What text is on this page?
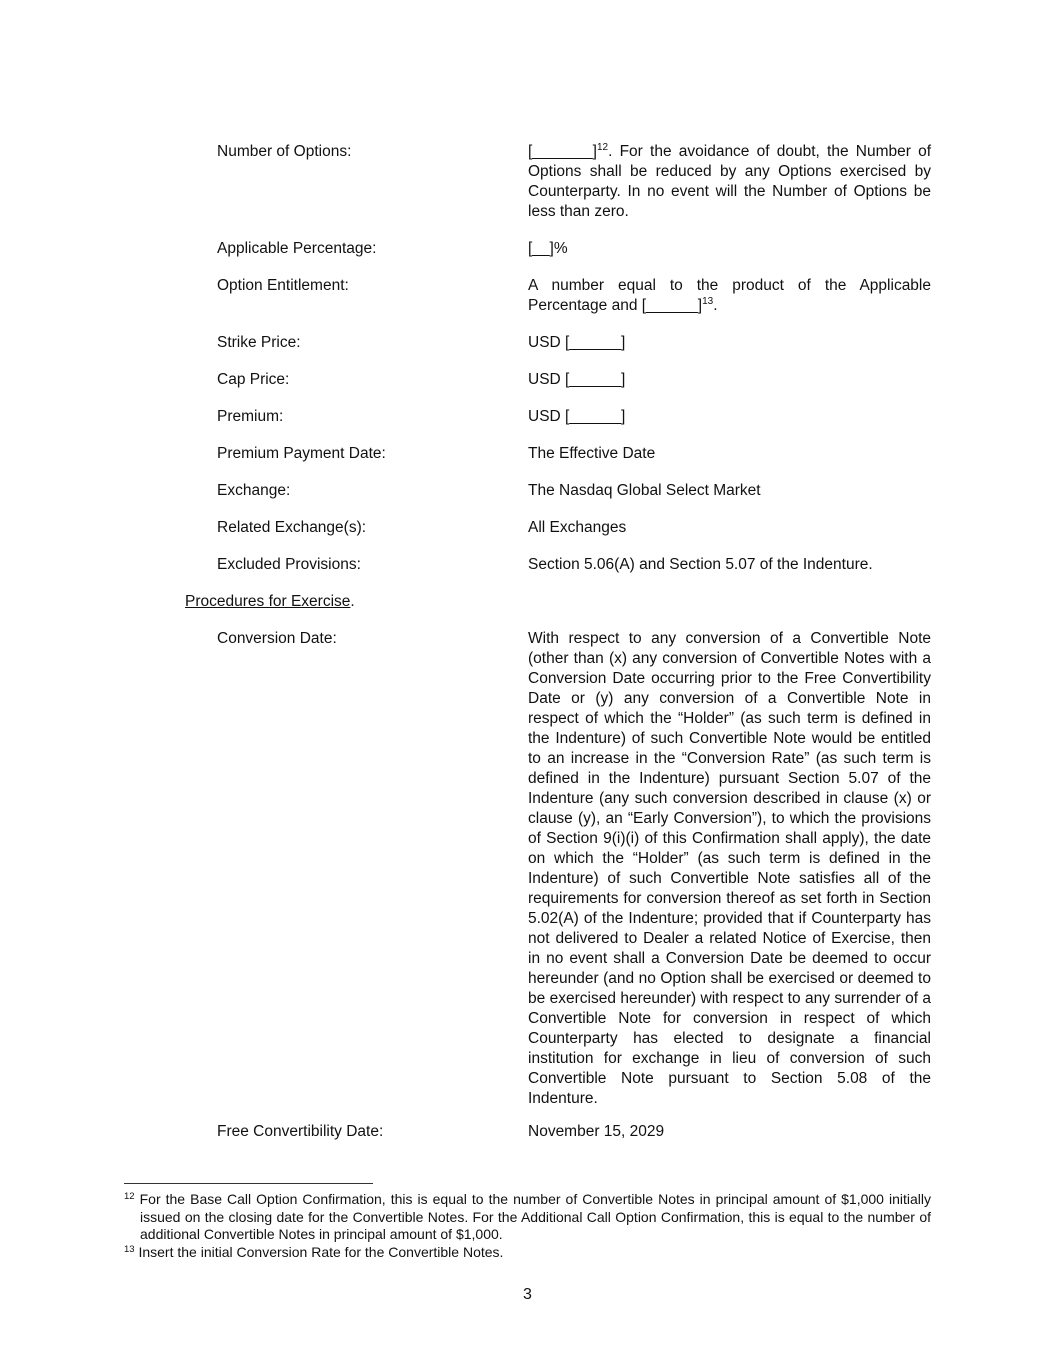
Number of Options:	[_______]$^{12}$. For the avoidance of doubt, the Number of Options shall be reduced by any Options exercised by Counterparty. In no event will the Number of Options be less than zero.
Applicable Percentage:	[__]%
Option Entitlement:	A number equal to the product of the Applicable Percentage and [______]$^{13}$.
Strike Price:	USD [______]
Cap Price:	USD [______]
Premium:	USD [______]
Premium Payment Date:	The Effective Date
Exchange:	The Nasdaq Global Select Market
Related Exchange(s):	All Exchanges
Excluded Provisions:	Section 5.06(A) and Section 5.07 of the Indenture.
Procedures for Exercise.
Conversion Date:	With respect to any conversion of a Convertible Note (other than (x) any conversion of Convertible Notes with a Conversion Date occurring prior to the Free Convertibility Date or (y) any conversion of a Convertible Note in respect of which the “Holder” (as such term is defined in the Indenture) of such Convertible Note would be entitled to an increase in the “Conversion Rate” (as such term is defined in the Indenture) pursuant Section 5.07 of the Indenture (any such conversion described in clause (x) or clause (y), an “Early Conversion”), to which the provisions of Section 9(i)(i) of this Confirmation shall apply), the date on which the “Holder” (as such term is defined in the Indenture) of such Convertible Note satisfies all of the requirements for conversion thereof as set forth in Section 5.02(A) of the Indenture; provided that if Counterparty has not delivered to Dealer a related Notice of Exercise, then in no event shall a Conversion Date be deemed to occur hereunder (and no Option shall be exercised or deemed to be exercised hereunder) with respect to any surrender of a Convertible Note for conversion in respect of which Counterparty has elected to designate a financial institution for exchange in lieu of conversion of such Convertible Note pursuant to Section 5.08 of the Indenture.
Free Convertibility Date:	November 15, 2029
$^{12}$ For the Base Call Option Confirmation, this is equal to the number of Convertible Notes in principal amount of $1,000 initially issued on the closing date for the Convertible Notes. For the Additional Call Option Confirmation, this is equal to the number of additional Convertible Notes in principal amount of $1,000.
$^{13}$ Insert the initial Conversion Rate for the Convertible Notes.
3
